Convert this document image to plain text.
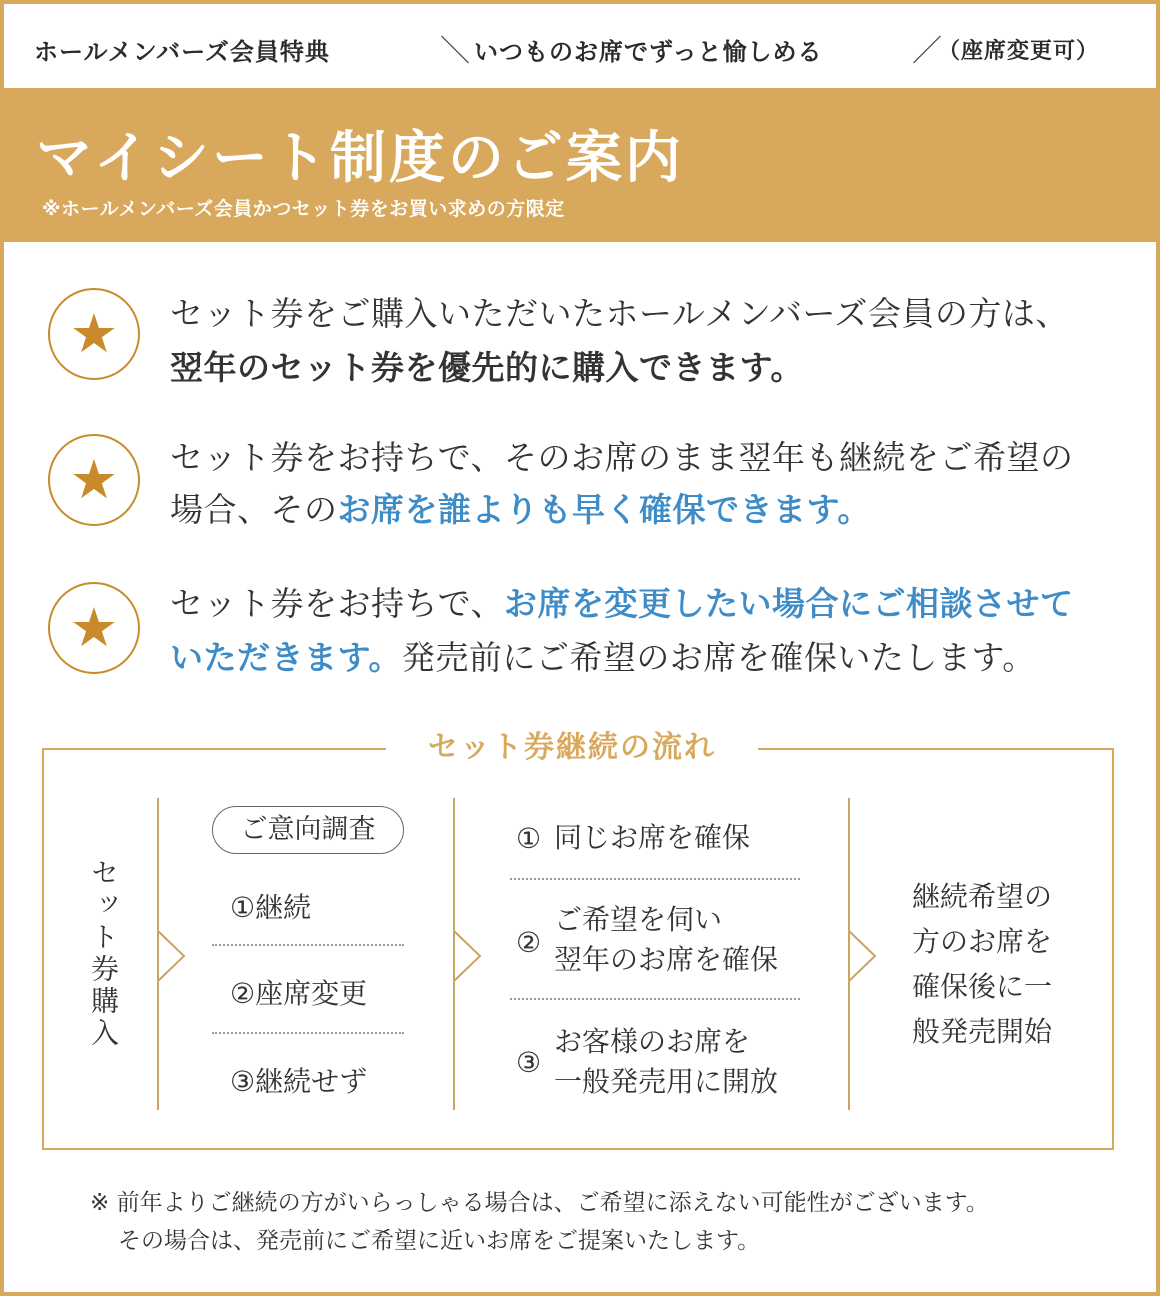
ホールメンバーズ会員特典	＼ いつものお席でずっと愉しめる	／
（座席変更可）
マイシート制度のご案内
※ホールメンバーズ会員かつセット券をお買い求めの方限定
★ セット券をご購入いただいたホールメンバーズ会員の方は、
翌年のセット券を優先的に購入できます。
★ セット券をお持ちで、そのお席のまま翌年も継続をご希望の
場合、そのお席を誰よりも早く確保できます。
★ セット券をお持ちで、お席を変更したい場合にご相談させて
いただきます。発売前にご希望のお席を確保いたします。
セット券継続の流れ
セット券購入
ご意向調査
①継続
②座席変更
③継続せず
① 同じお席を確保
②
ご希望を伺い
翌年のお席を確保
③
お客様のお席を
一般発売用に開放
継続希望の
方のお席を
確保後に一
般発売開始
※ 前年よりご継続の方がいらっしゃる場合は、ご希望に添えない可能性がございます。
その場合は、発売前にご希望に近いお席をご提案いたします。
